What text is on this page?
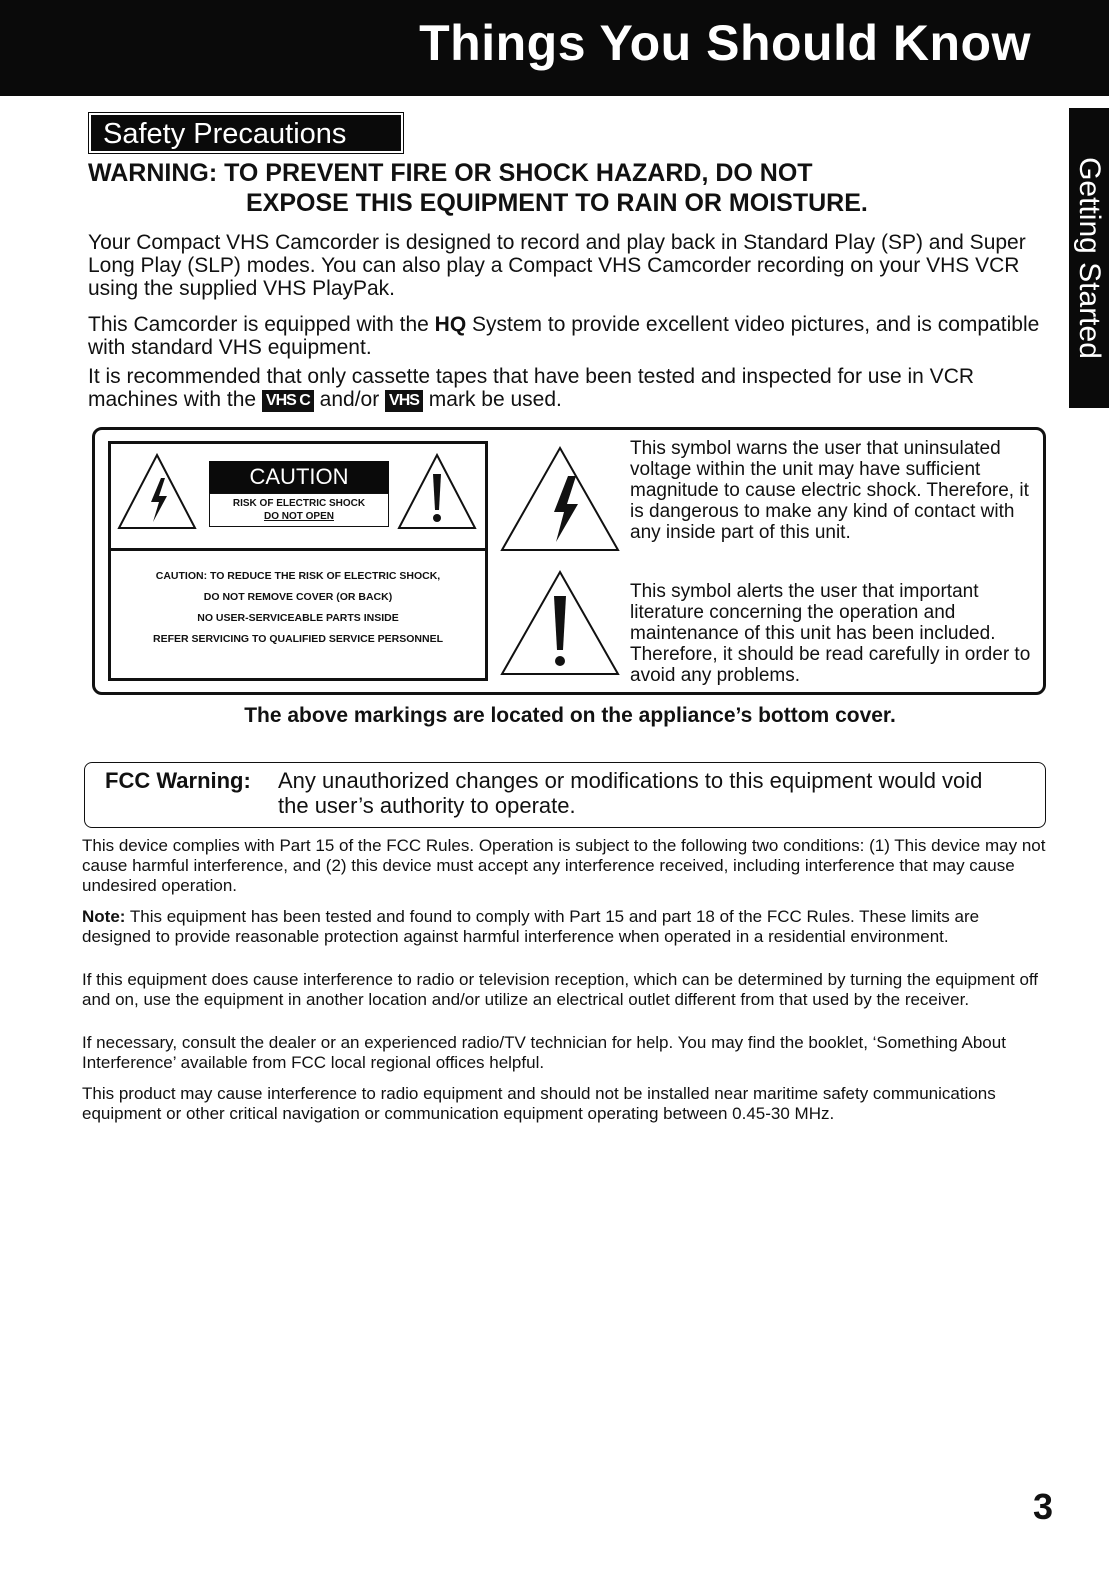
Things You Should Know
Getting Started
Safety Precautions
WARNING: TO PREVENT FIRE OR SHOCK HAZARD, DO NOT
EXPOSE THIS EQUIPMENT TO RAIN OR MOISTURE.

Your Compact VHS Camcorder is designed to record and play back in Standard Play (SP) and Super Long Play (SLP) modes. You can also play a Compact VHS Camcorder recording on your VHS VCR using the supplied VHS PlayPak.

This Camcorder is equipped with the HQ System to provide excellent video pictures, and is compatible with standard VHS equipment.

It is recommended that only cassette tapes that have been tested and inspected for use in VCR machines with the VHS C and/or VHS mark be used.

CAUTION
RISK OF ELECTRIC SHOCK
DO NOT OPEN
CAUTION: TO REDUCE THE RISK OF ELECTRIC SHOCK,
DO NOT REMOVE COVER (OR BACK)
NO USER-SERVICEABLE PARTS INSIDE
REFER SERVICING TO QUALIFIED SERVICE PERSONNEL
This symbol warns the user that uninsulated voltage within the unit may have sufficient magnitude to cause electric shock. Therefore, it is dangerous to make any kind of contact with any inside part of this unit.
This symbol alerts the user that important literature concerning the operation and maintenance of this unit has been included. Therefore, it should be read carefully in order to avoid any problems.
The above markings are located on the appliance’s bottom cover.
FCC Warning: Any unauthorized changes or modifications to this equipment would void the user’s authority to operate.

This device complies with Part 15 of the FCC Rules. Operation is subject to the following two conditions: (1) This device may not cause harmful interference, and (2) this device must accept any interference received, including interference that may cause undesired operation.

Note: This equipment has been tested and found to comply with Part 15 and part 18 of the FCC Rules. These limits are designed to provide reasonable protection against harmful interference when operated in a residential environment.

If this equipment does cause interference to radio or television reception, which can be determined by turning the equipment off and on, use the equipment in another location and/or utilize an electrical outlet different from that used by the receiver.

If necessary, consult the dealer or an experienced radio/TV technician for help. You may find the booklet, ‘Something About Interference’ available from FCC local regional offices helpful.

This product may cause interference to radio equipment and should not be installed near maritime safety communications equipment or other critical navigation or communication equipment operating between 0.45-30 MHz.

3
